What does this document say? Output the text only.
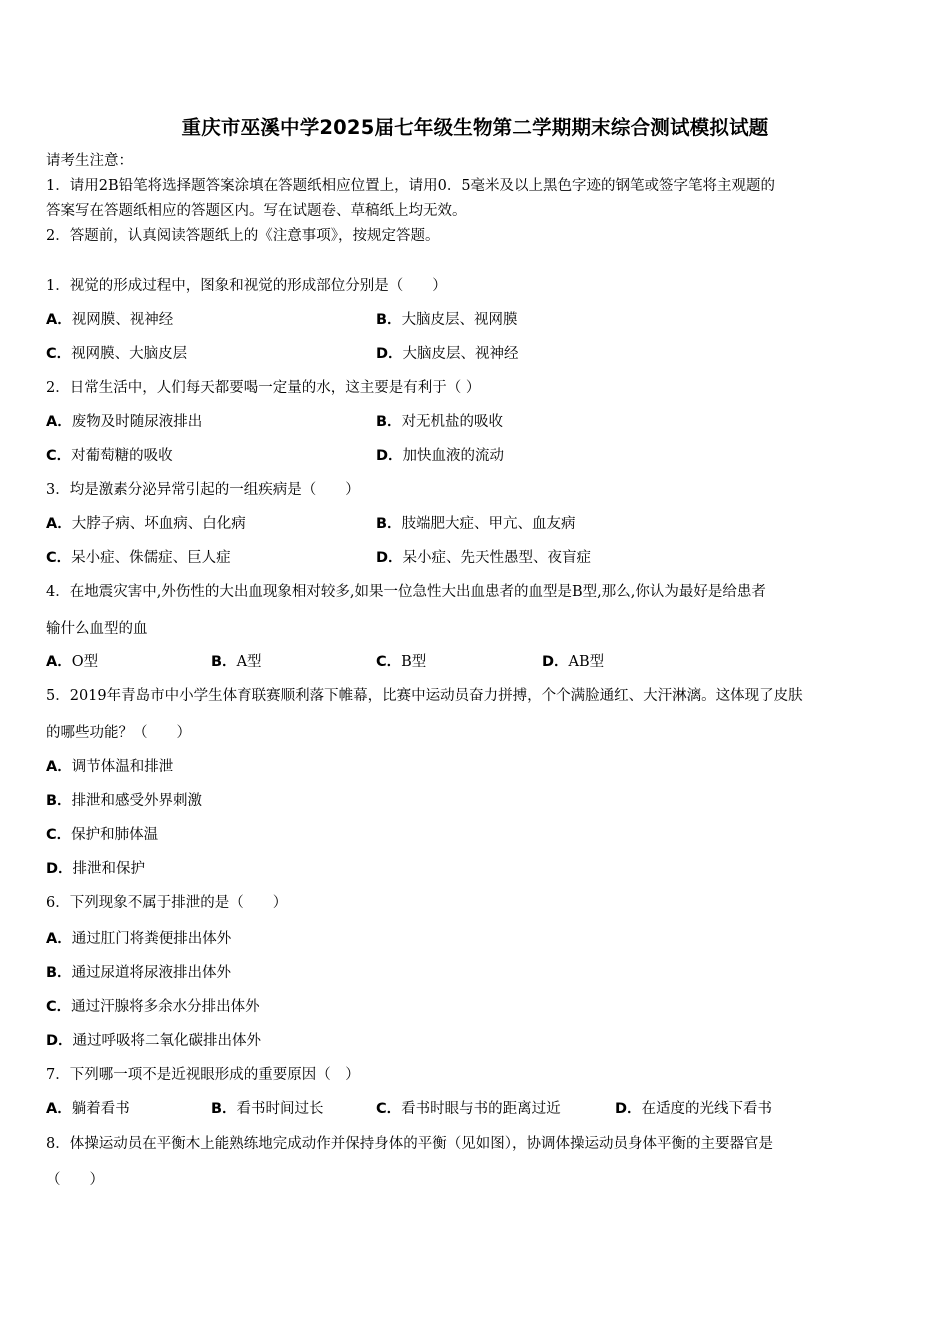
重庆市巫溪中学2025届七年级生物第二学期期末综合测试模拟试题
请考生注意：
1．请用2B铅笔将选择题答案涂填在答题纸相应位置上，请用0．5毫米及以上黑色字迹的钢笔或签字笔将主观题的
答案写在答题纸相应的答题区内。写在试题卷、草稿纸上均无效。
2．答题前，认真阅读答题纸上的《注意事项》，按规定答题。
1．视觉的形成过程中，图象和视觉的形成部位分别是（　　）
A．视网膜、视神经	B．大脑皮层、视网膜
C．视网膜、大脑皮层	D．大脑皮层、视神经
2．日常生活中，人们每天都要喝一定量的水，这主要是有利于（ ）
A．废物及时随尿液排出	B．对无机盐的吸收
C．对葡萄糖的吸收	D．加快血液的流动
3．均是激素分泌异常引起的一组疾病是（　　）
A．大脖子病、坏血病、白化病	B．肢端肥大症、甲亢、血友病
C．呆小症、侏儒症、巨人症	D．呆小症、先天性愚型、夜盲症
4．在地震灾害中,外伤性的大出血现象相对较多,如果一位急性大出血患者的血型是B型,那么,你认为最好是给患者
输什么血型的血
A．O型	B．A型	C．B型	D．AB型
5．2019年青岛市中小学生体育联赛顺利落下帷幕，比赛中运动员奋力拼搏，个个满脸通红、大汗淋漓。这体现了皮肤
的哪些功能？（　　）
A．调节体温和排泄
B．排泄和感受外界刺激
C．保护和肺体温
D．排泄和保护
6．下列现象不属于排泄的是（　　）
A．通过肛门将粪便排出体外
B．通过尿道将尿液排出体外
C．通过汗腺将多余水分排出体外
D．通过呼吸将二氧化碳排出体外
7．下列哪一项不是近视眼形成的重要原因（　）
A．躺着看书	B．看书时间过长	C．看书时眼与书的距离过近	D．在适度的光线下看书
8．体操运动员在平衡木上能熟练地完成动作并保持身体的平衡（见如图），协调体操运动员身体平衡的主要器官是
（　　）
